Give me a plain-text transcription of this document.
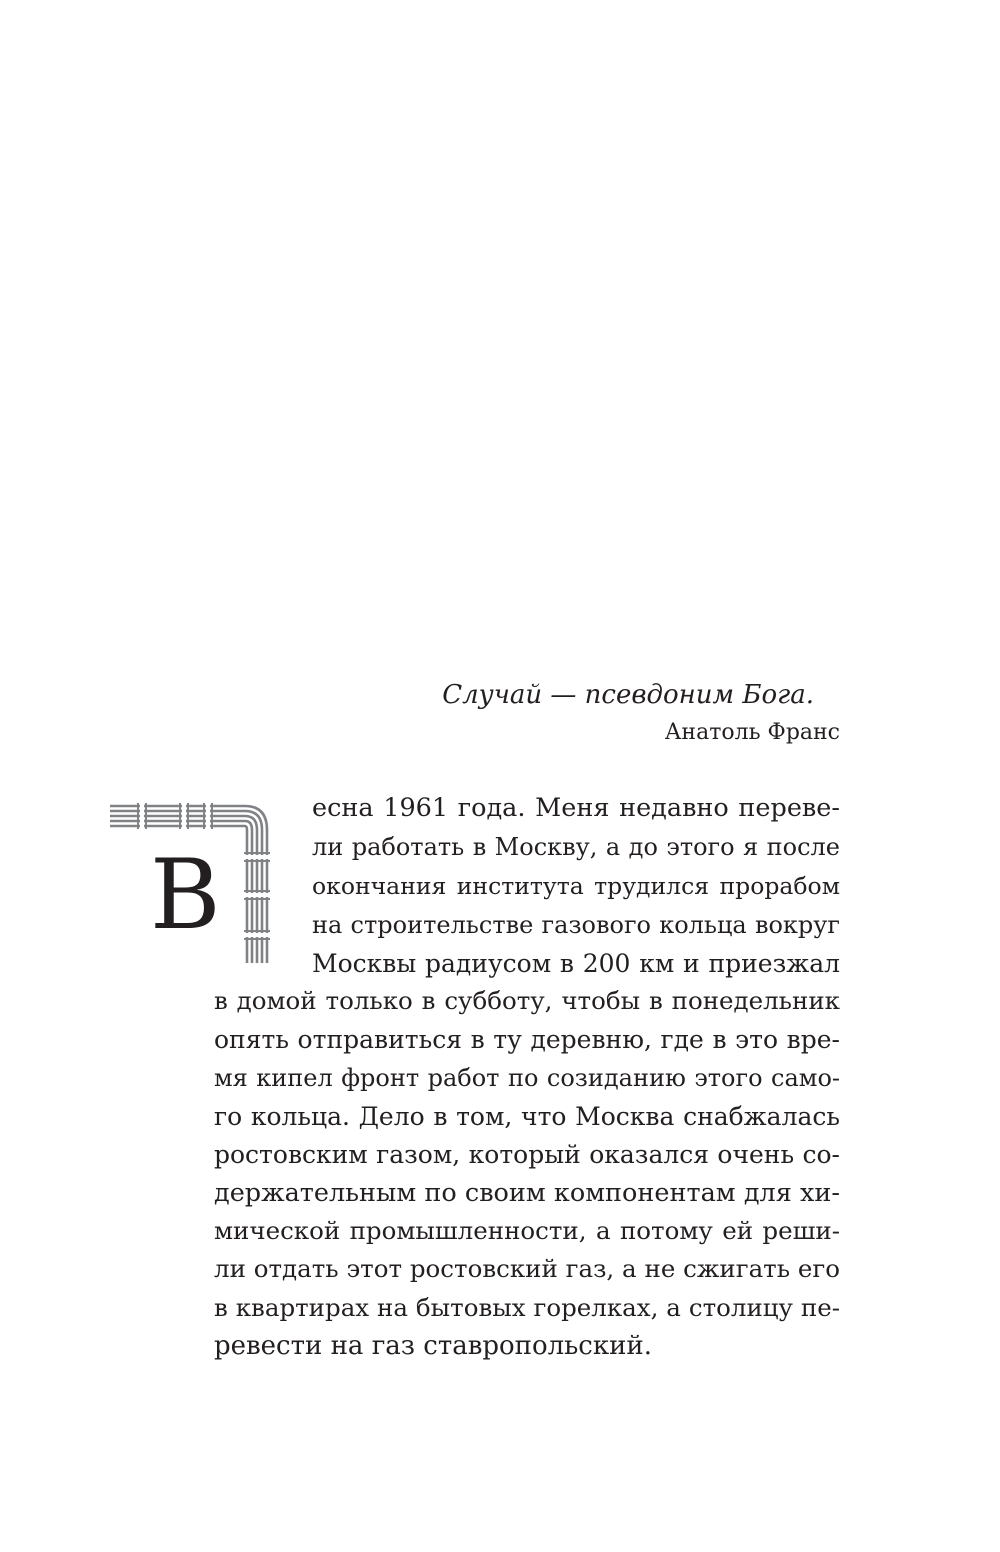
Случай — псевдоним Бога.
Анатоль Франс
В
есна 1961 года. Меня недавно переве-
ли работать в Москву, а до этого я после
окончания института трудился прорабом
на строительстве газового кольца вокруг
Москвы радиусом в 200 км и приезжал
в домой только в субботу, чтобы в понедельник
опять отправиться в ту деревню, где в это вре-
мя кипел фронт работ по созиданию этого само-
го кольца. Дело в том, что Москва снабжалась
ростовским газом, который оказался очень со-
держательным по своим компонентам для хи-
мической промышленности, а потому ей реши-
ли отдать этот ростовский газ, а не сжигать его
в квартирах на бытовых горелках, а столицу пе-
ревести на газ ставропольский.
